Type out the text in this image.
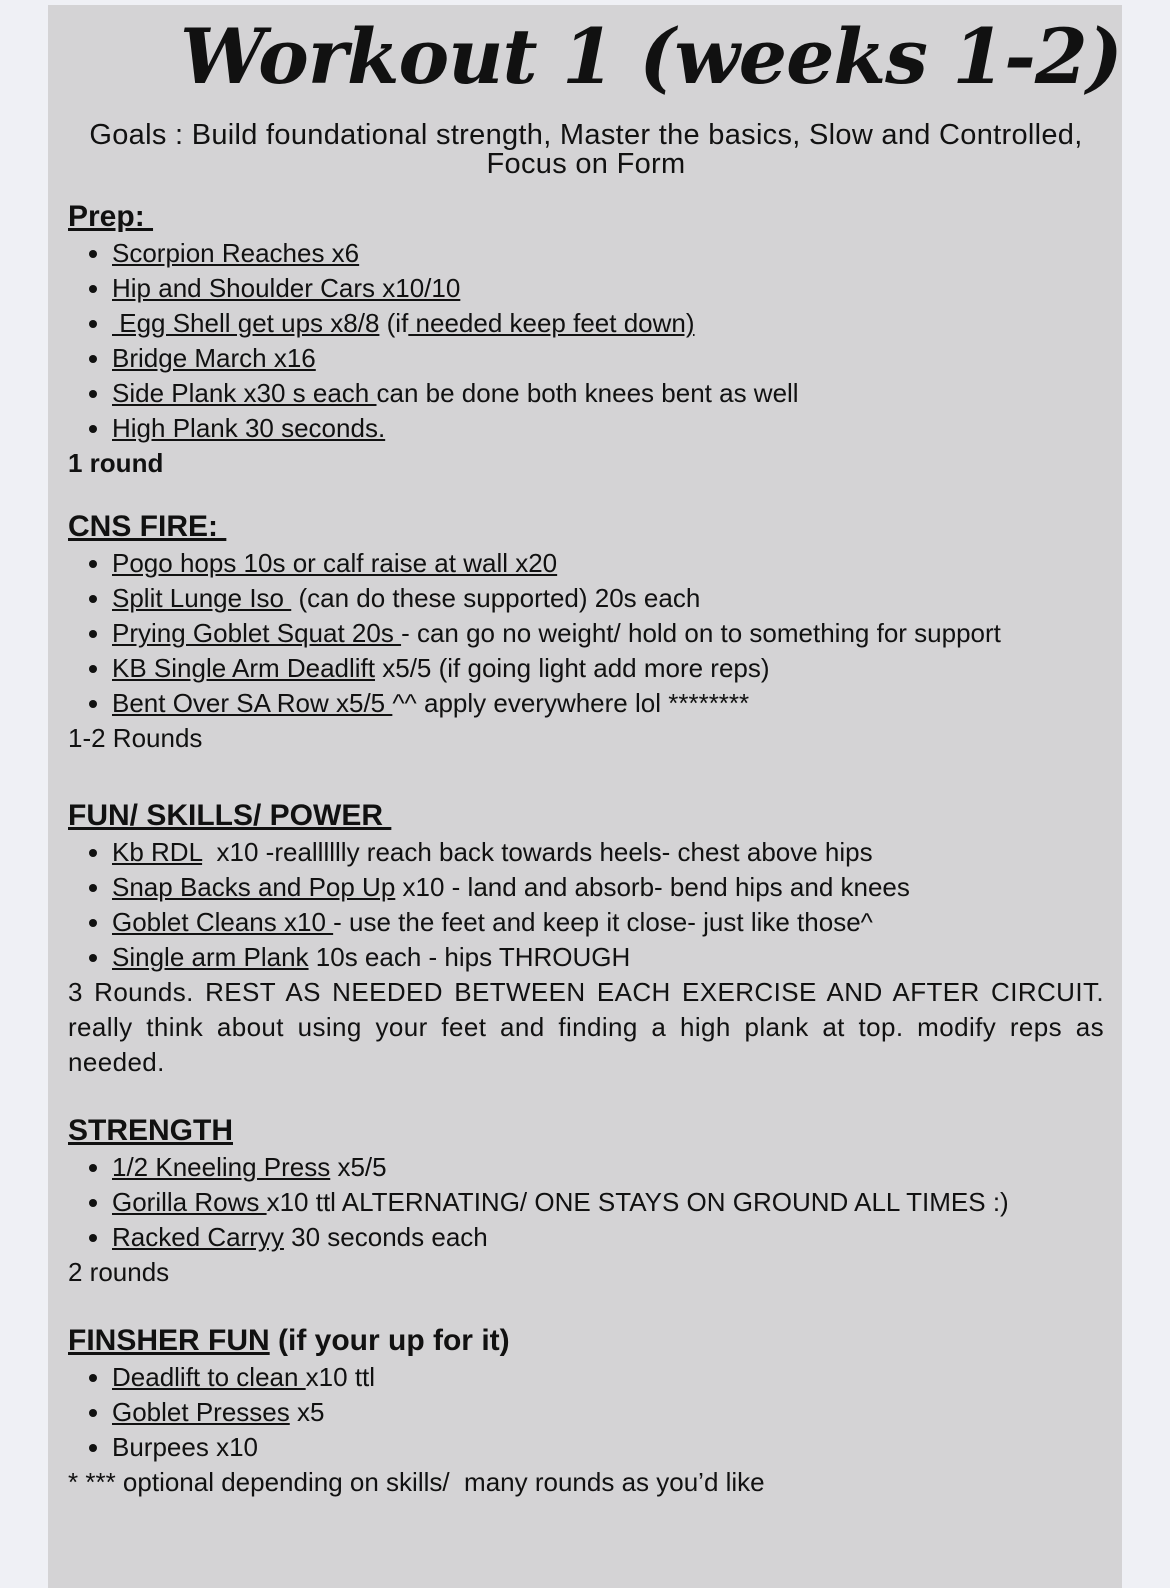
Workout 1 (weeks 1-2)
Goals : Build foundational strength, Master the basics, Slow and Controlled, Focus on Form
Prep:
• Scorpion Reaches x6
• Hip and Shoulder Cars x10/10
•  Egg Shell get ups x8/8 (if needed keep feet down)
• Bridge March x16
• Side Plank x30 s each can be done both knees bent as well
• High Plank 30 seconds.

1 round

CNS FIRE:
• Pogo hops 10s or calf raise at wall x20
• Split Lunge Iso  (can do these supported) 20s each
• Prying Goblet Squat 20s - can go no weight/ hold on to something for support
• KB Single Arm Deadlift x5/5 (if going light add more reps)
• Bent Over SA Row x5/5 ^^ apply everywhere lol ********

1-2 Rounds

FUN/ SKILLS/ POWER
• Kb RDL  x10 -realllllly reach back towards heels- chest above hips
• Snap Backs and Pop Up x10 - land and absorb- bend hips and knees
• Goblet Cleans x10 - use the feet and keep it close- just like those^
• Single arm Plank 10s each - hips THROUGH

3 Rounds. REST AS NEEDED BETWEEN EACH EXERCISE AND AFTER CIRCUIT. really think about using your feet and finding a high plank at top. modify reps as needed.

STRENGTH
• 1/2 Kneeling Press x5/5
• Gorilla Rows x10 ttl ALTERNATING/ ONE STAYS ON GROUND ALL TIMES :)
• Racked Carryy 30 seconds each

2 rounds

FINSHER FUN (if your up for it)
• Deadlift to clean x10 ttl
• Goblet Presses x5
• Burpees x10

* *** optional depending on skills/  many rounds as you’d like
